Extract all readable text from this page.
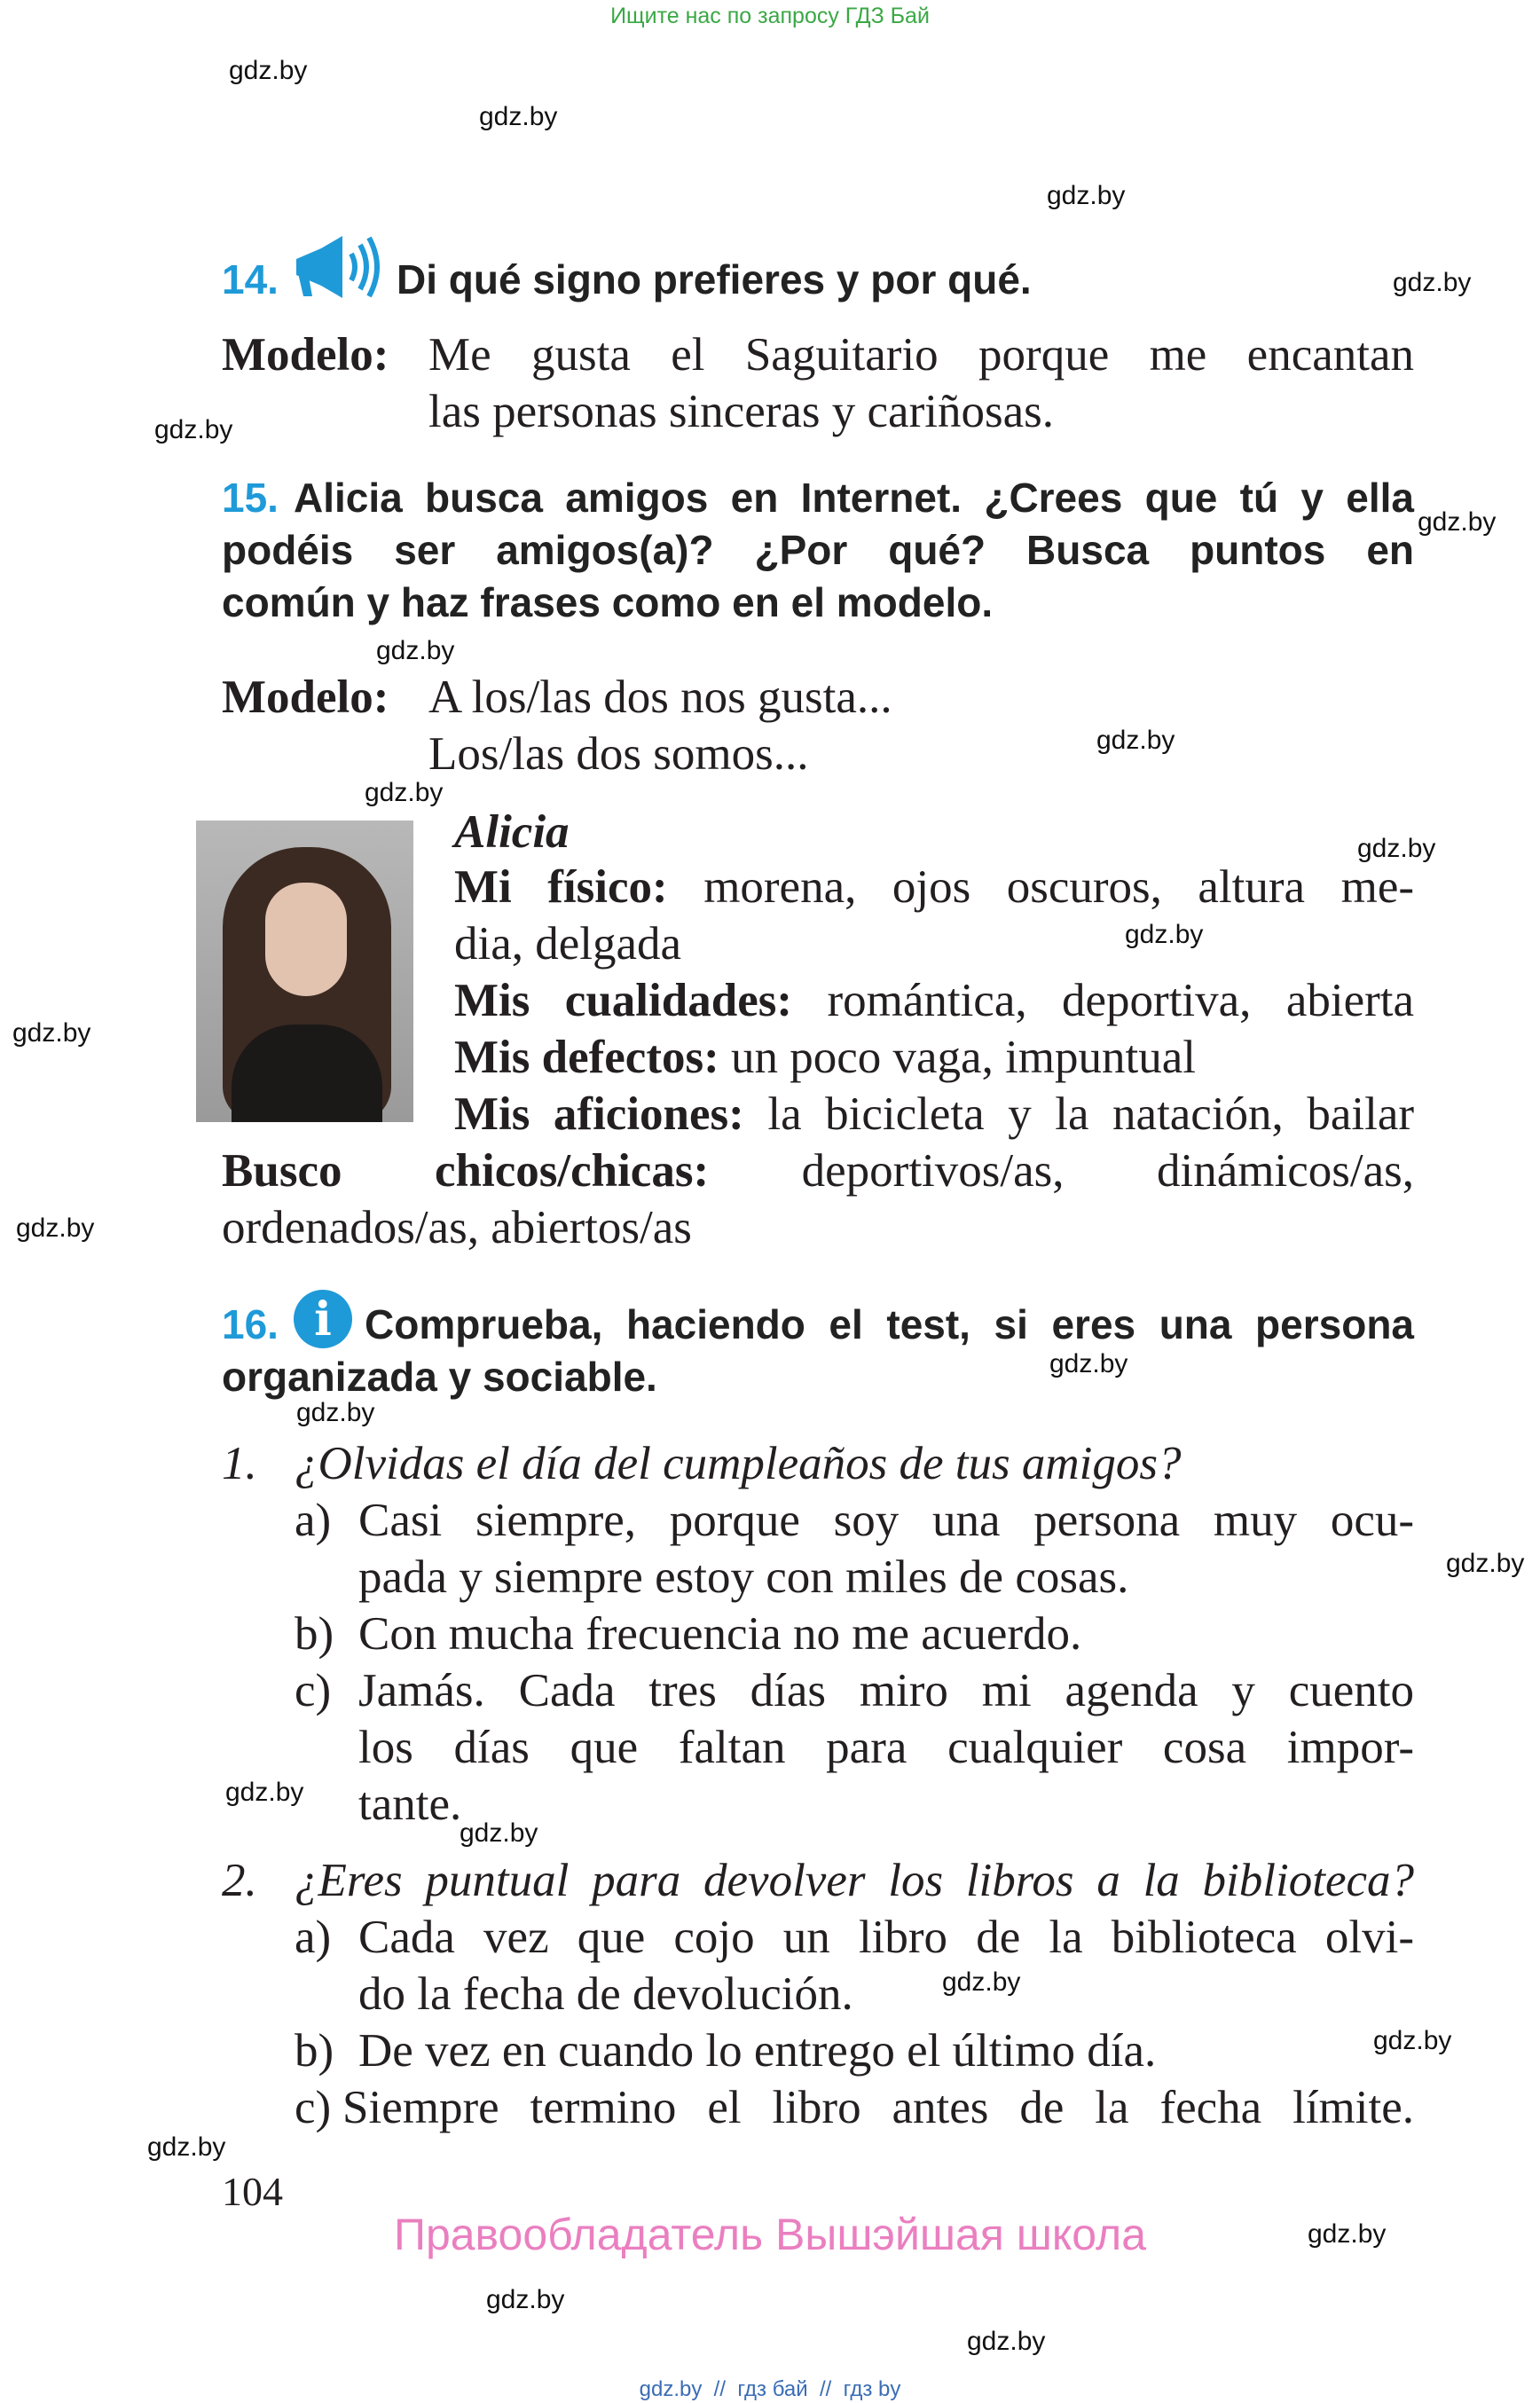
Ищите нас по запросу ГДЗ Бай
gdz.by
gdz.by
gdz.by
gdz.by
gdz.by
gdz.by
gdz.by
gdz.by
gdz.by
gdz.by
gdz.by
gdz.by
gdz.by
gdz.by
gdz.by
gdz.by
gdz.by
gdz.by
gdz.by
gdz.by
gdz.by
gdz.by
gdz.by
gdz.by
14.	Di qué signo prefieres y por qué.
Modelo: Me gusta el Saguitario porque me encantan
las personas sinceras y cariñosas.
15. Alicia busca amigos en Internet. ¿Crees que tú y ella
podéis ser amigos(a)? ¿Por qué? Busca puntos en
común y haz frases como en el modelo.
Modelo: A los/las dos nos gusta...
Los/las dos somos...
Alicia
Mi físico: morena, ojos oscuros, altura me-
dia, delgada
Mis cualidades: romántica, deportiva, abierta
Mis defectos: un poco vaga, impuntual
Mis aficiones: la bicicleta y la natación, bailar
Busco chicos/chicas: deportivos/as, dinámicos/as,
ordenados/as, abiertos/as
16. i Comprueba, haciendo el test, si eres una persona
organizada y sociable.
1. ¿Olvidas el día del cumpleaños de tus amigos?
a) Casi siempre, porque soy una persona muy ocu-
pada y siempre estoy con miles de cosas.
b) Con mucha frecuencia no me acuerdo.
c) Jamás. Cada tres días miro mi agenda y cuento
los días que faltan para cualquier cosa impor-
tante.
2. ¿Eres puntual para devolver los libros a la biblioteca?
a) Cada vez que cojo un libro de la biblioteca olvi-
do la fecha de devolución.
b) De vez en cuando lo entrego el último día.
c) Siempre termino el libro antes de la fecha límite.
104
Правообладатель Вышэйшая школа
gdz.by  //  гдз бай  //  гдз by
